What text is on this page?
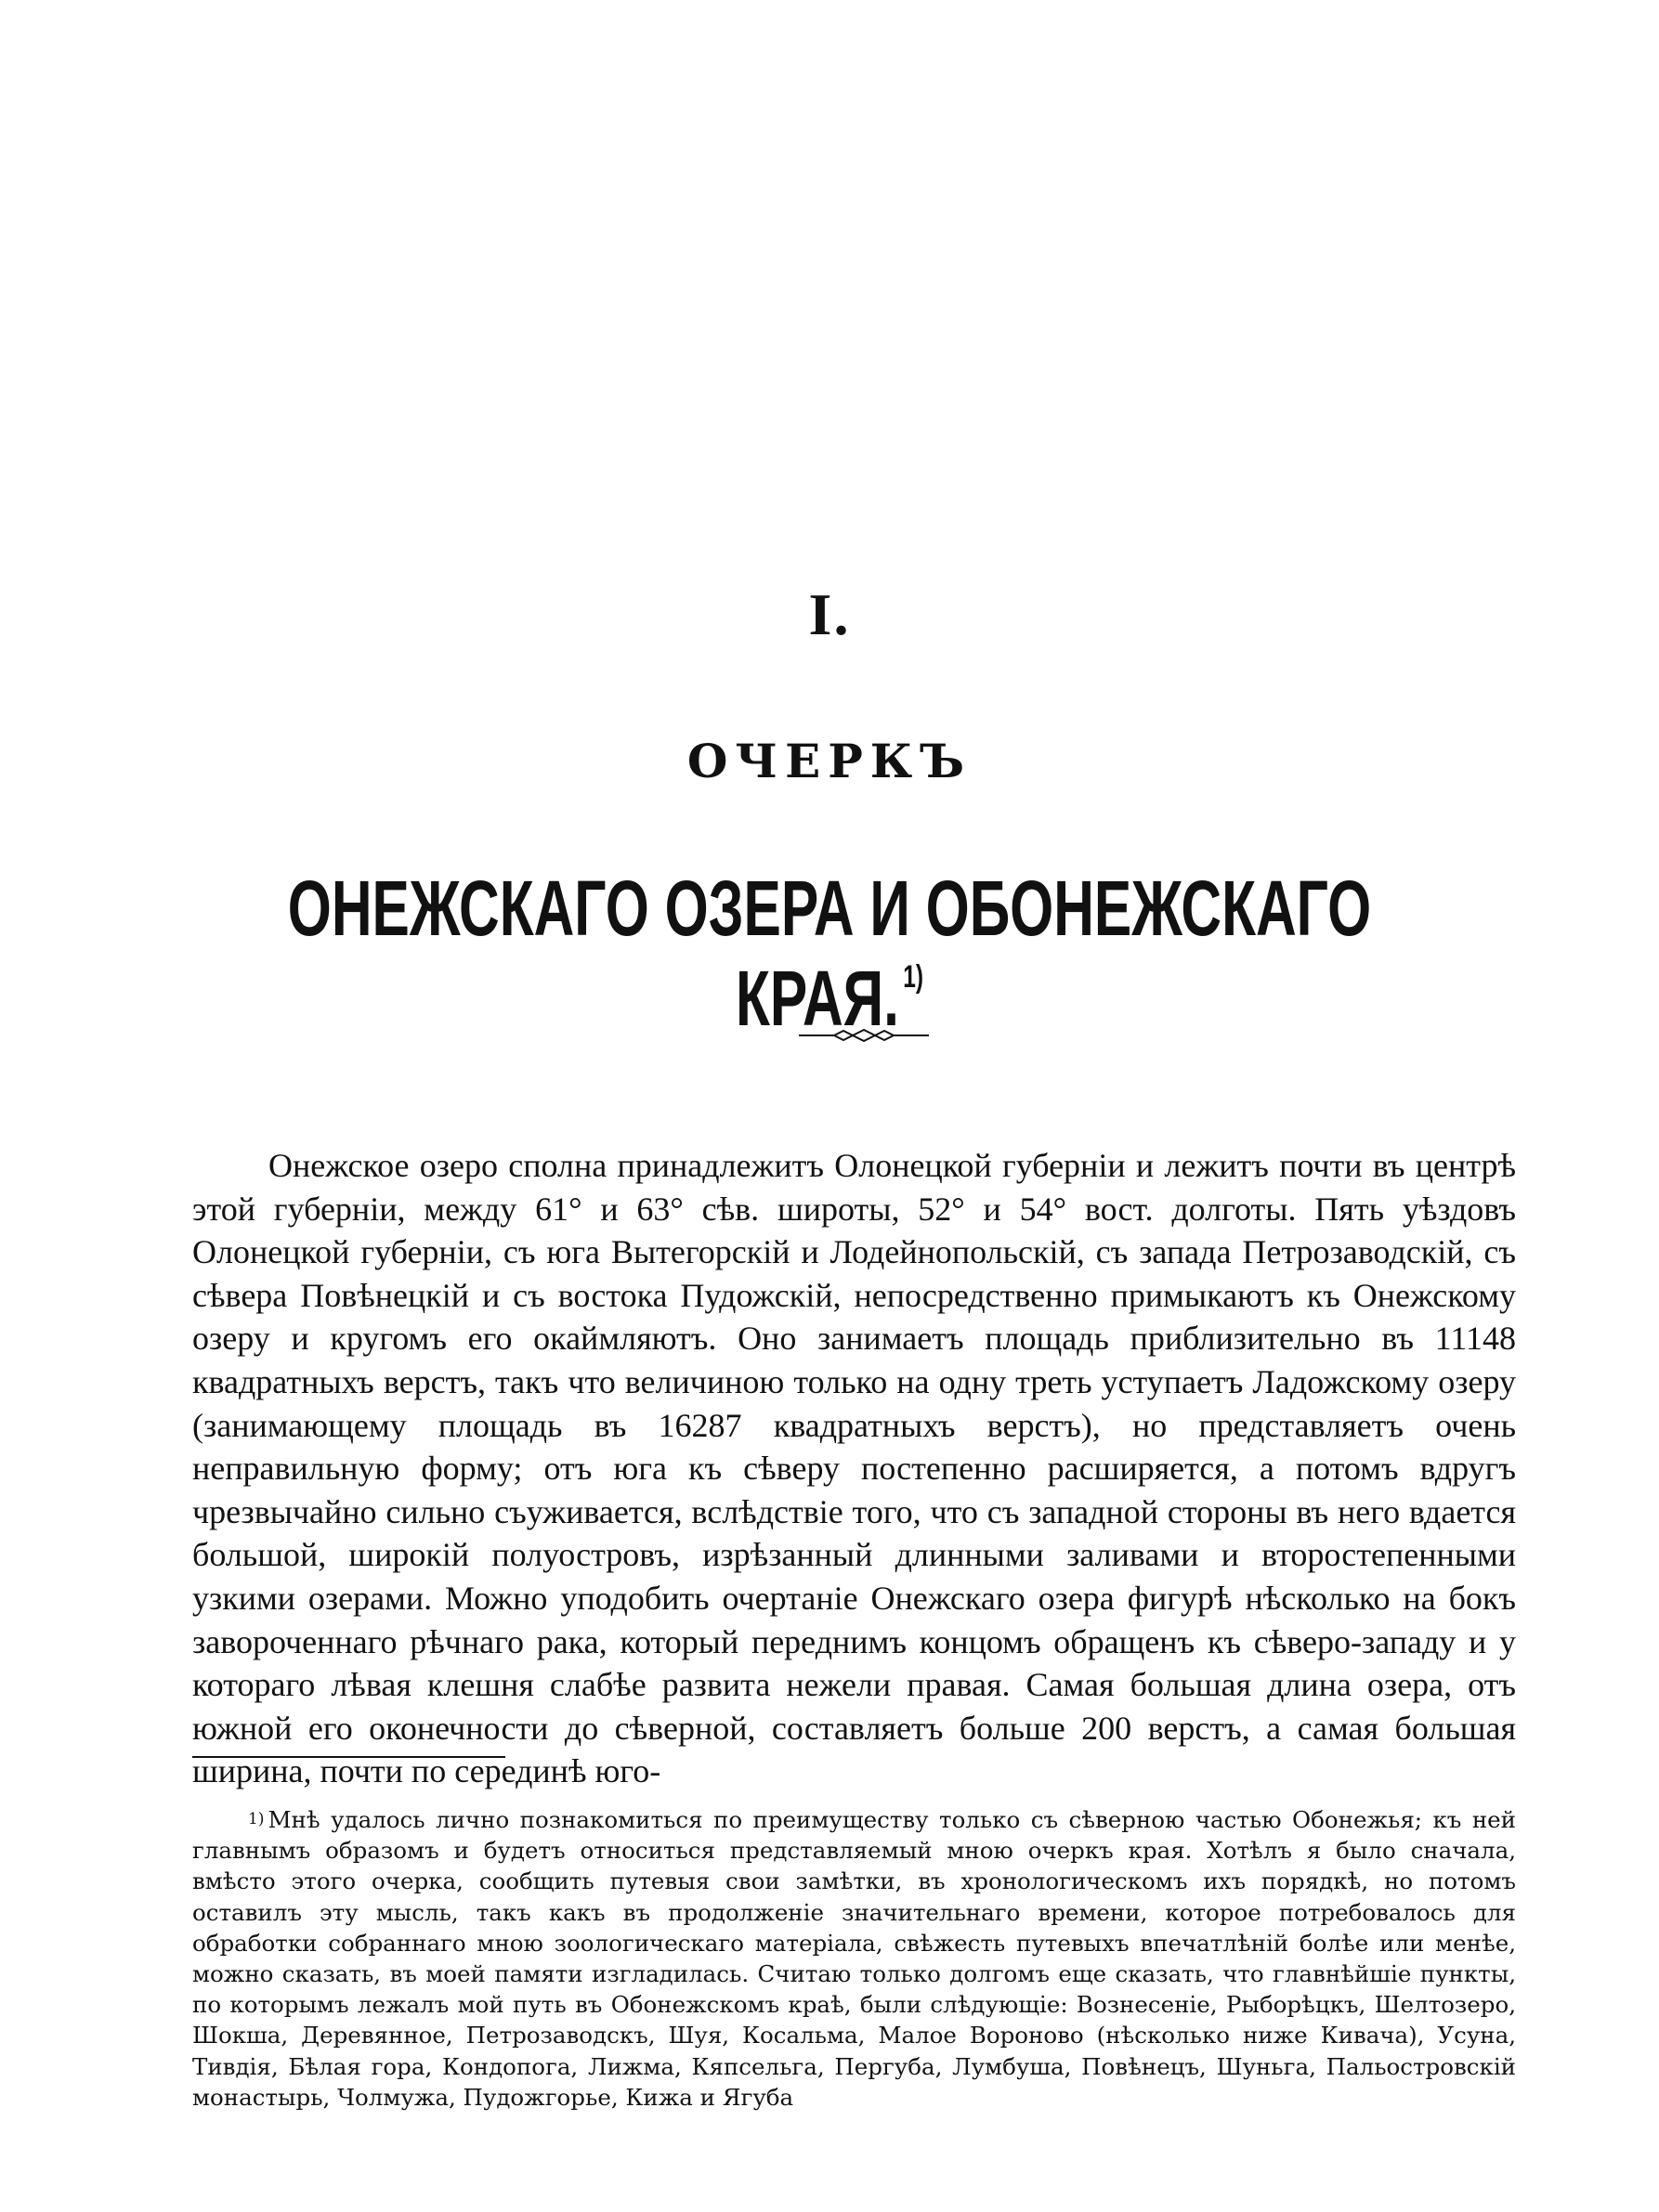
I.
ОЧЕРКЪ
ОНЕЖСКАГО ОЗЕРА И ОБОНЕЖСКАГО КРАЯ. $^{1)}$

Онежское озеро сполна принадлежитъ Олонецкой губерніи и лежитъ почти въ центрѣ этой губерніи, между 61° и 63° сѣв. широты, 52° и 54° вост. долготы. Пять уѣздовъ Олонецкой губерніи, съ юга Вытегорскій и Лодейнопольскій, съ запада Петрозаводскій, съ сѣвера Повѣнецкій и съ востока Пудожскій, непосредственно примыкаютъ къ Онежскому озеру и кругомъ его окаймляютъ. Оно занимаетъ площадь приблизительно въ 11148 квадратныхъ верстъ, такъ что величиною только на одну треть уступаетъ Ладожскому озеру (занимающему площадь въ 16287 квадратныхъ верстъ), но представляетъ очень неправильную форму; отъ юга къ сѣверу постепенно расширяется, а потомъ вдругъ чрезвычайно сильно съуживается, вслѣдствіе того, что съ западной стороны въ него вдается большой, широкій полуостровъ, изрѣзанный длинными заливами и второстепенными узкими озерами. Можно уподобить очертаніе Онежскаго озера фигурѣ нѣсколько на бокъ завороченнаго рѣчнаго рака, который переднимъ концомъ обращенъ къ сѣверо-западу и у котораго лѣвая клешня слабѣе развита нежели правая. Самая большая длина озера, отъ южной его оконечности до сѣверной, составляетъ больше 200 верстъ, а самая большая ширина, почти по серединѣ юго-

$^{1)}$ Мнѣ удалось лично познакомиться по преимуществу только съ сѣверною частью Обонежья; къ ней главнымъ образомъ и будетъ относиться представляемый мною очеркъ края. Хотѣлъ я было сначала, вмѣсто этого очерка, сообщить путевыя свои замѣтки, въ хронологическомъ ихъ порядкѣ, но потомъ оставилъ эту мысль, такъ какъ въ продолженіе значительнаго времени, которое потребовалось для обработки собраннаго мною зоологическаго матеріала, свѣжесть путевыхъ впечатлѣній болѣе или менѣе, можно сказать, въ моей памяти изгладилась. Считаю только долгомъ еще сказать, что главнѣйшіе пункты, по которымъ лежалъ мой путь въ Обонежскомъ краѣ, были слѣдующіе: Вознесеніе, Рыборѣцкъ, Шелтозеро, Шокша, Деревянное, Петрозаводскъ, Шуя, Косальма, Малое Вороново (нѣсколько ниже Кивача), Усуна, Тивдія, Бѣлая гора, Кондопога, Лижма, Кяпсельга, Пергуба, Лумбуша, Повѣнецъ, Шуньга, Пальостровскій монастырь, Чолмужа, Пудожгорье, Кижа и Ягуба
